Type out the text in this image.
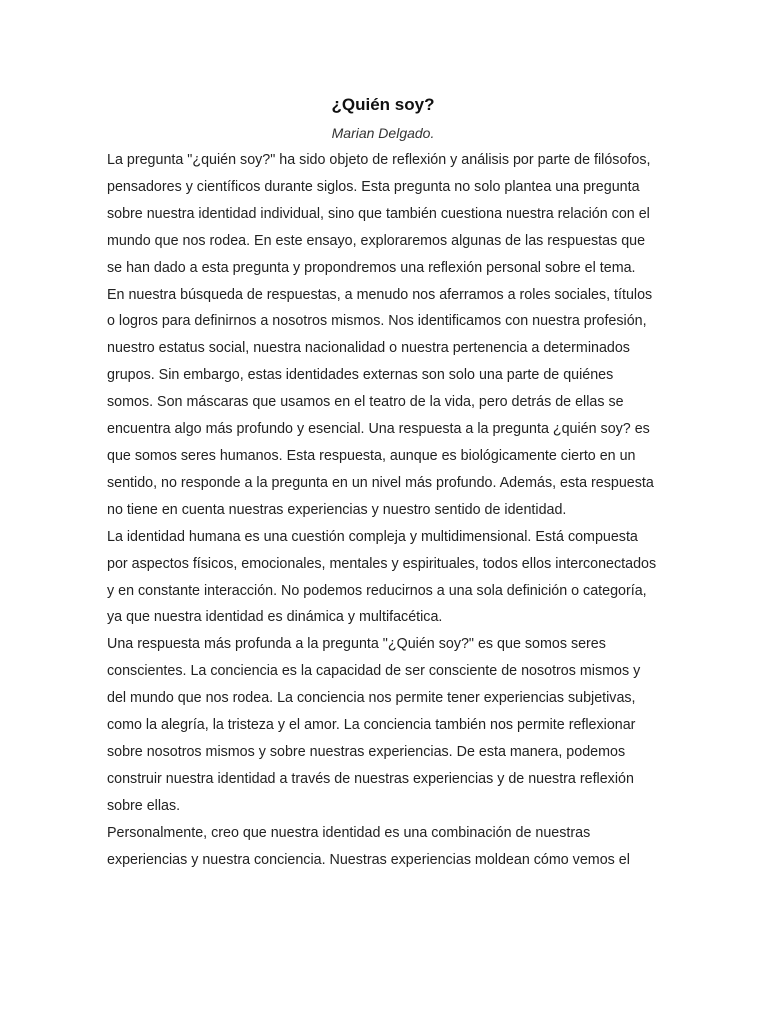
¿Quién soy?
Marian Delgado.

La pregunta "¿quién soy?" ha sido objeto de reflexión y análisis por parte de filósofos, pensadores y científicos durante siglos. Esta pregunta no solo plantea una pregunta sobre nuestra identidad individual, sino que también cuestiona nuestra relación con el mundo que nos rodea. En este ensayo, exploraremos algunas de las respuestas que se han dado a esta pregunta y propondremos una reflexión personal sobre el tema.

En nuestra búsqueda de respuestas, a menudo nos aferramos a roles sociales, títulos o logros para definirnos a nosotros mismos. Nos identificamos con nuestra profesión, nuestro estatus social, nuestra nacionalidad o nuestra pertenencia a determinados grupos. Sin embargo, estas identidades externas son solo una parte de quiénes somos. Son máscaras que usamos en el teatro de la vida, pero detrás de ellas se encuentra algo más profundo y esencial. Una respuesta a la pregunta ¿quién soy? es que somos seres humanos. Esta respuesta, aunque es biológicamente cierto en un sentido, no responde a la pregunta en un nivel más profundo. Además, esta respuesta no tiene en cuenta nuestras experiencias y nuestro sentido de identidad.

La identidad humana es una cuestión compleja y multidimensional. Está compuesta por aspectos físicos, emocionales, mentales y espirituales, todos ellos interconectados y en constante interacción. No podemos reducirnos a una sola definición o categoría, ya que nuestra identidad es dinámica y multifacética.

Una respuesta más profunda a la pregunta "¿Quién soy?" es que somos seres conscientes. La conciencia es la capacidad de ser consciente de nosotros mismos y del mundo que nos rodea. La conciencia nos permite tener experiencias subjetivas, como la alegría, la tristeza y el amor. La conciencia también nos permite reflexionar sobre nosotros mismos y sobre nuestras experiencias. De esta manera, podemos construir nuestra identidad a través de nuestras experiencias y de nuestra reflexión sobre ellas.

Personalmente, creo que nuestra identidad es una combinación de nuestras experiencias y nuestra conciencia. Nuestras experiencias moldean cómo vemos el
